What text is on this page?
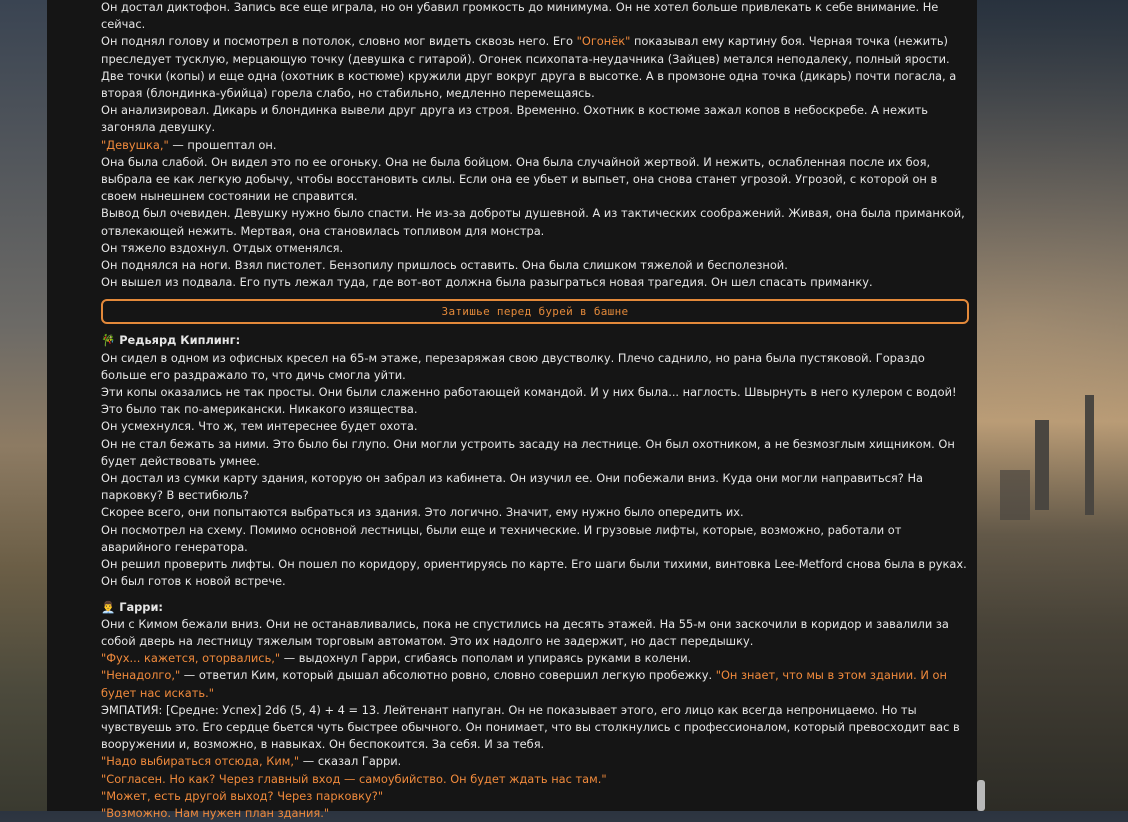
Он достал диктофон. Запись все еще играла, но он убавил громкость до минимума. Он не хотел больше привлекать к себе внимание. Не сейчас.

Он поднял голову и посмотрел в потолок, словно мог видеть сквозь него. Его "Огонёк" показывал ему картину боя. Черная точка (нежить) преследует тусклую, мерцающую точку (девушка с гитарой). Огонек психопата-неудачника (Зайцев) метался неподалеку, полный ярости. Две точки (копы) и еще одна (охотник в костюме) кружили друг вокруг друга в высотке. А в промзоне одна точка (дикарь) почти погасла, а вторая (блондинка-убийца) горела слабо, но стабильно, медленно перемещаясь.

Он анализировал. Дикарь и блондинка вывели друг друга из строя. Временно. Охотник в костюме зажал копов в небоскребе. А нежить загоняла девушку.

"Девушка," — прошептал он.

Она была слабой. Он видел это по ее огоньку. Она не была бойцом. Она была случайной жертвой. И нежить, ослабленная после их боя, выбрала ее как легкую добычу, чтобы восстановить силы. Если она ее убьет и выпьет, она снова станет угрозой. Угрозой, с которой он в своем нынешнем состоянии не справится.

Вывод был очевиден. Девушку нужно было спасти. Не из-за доброты душевной. А из тактических соображений. Живая, она была приманкой, отвлекающей нежить. Мертвая, она становилась топливом для монстра.

Он тяжело вздохнул. Отдых отменялся.

Он поднялся на ноги. Взял пистолет. Бензопилу пришлось оставить. Она была слишком тяжелой и бесполезной.

Он вышел из подвала. Его путь лежал туда, где вот-вот должна была разыграться новая трагедия. Он шел спасать приманку.

Затишье перед бурей в башне

🎋 Редьярд Киплинг:

Он сидел в одном из офисных кресел на 65-м этаже, перезаряжая свою двустволку. Плечо саднило, но рана была пустяковой. Гораздо больше его раздражало то, что дичь смогла уйти.

Эти копы оказались не так просты. Они были слаженно работающей командой. И у них была... наглость. Швырнуть в него кулером с водой! Это было так по-американски. Никакого изящества.

Он усмехнулся. Что ж, тем интереснее будет охота.

Он не стал бежать за ними. Это было бы глупо. Они могли устроить засаду на лестнице. Он был охотником, а не безмозглым хищником. Он будет действовать умнее.

Он достал из сумки карту здания, которую он забрал из кабинета. Он изучил ее. Они побежали вниз. Куда они могли направиться? На парковку? В вестибюль?

Скорее всего, они попытаются выбраться из здания. Это логично. Значит, ему нужно было опередить их.

Он посмотрел на схему. Помимо основной лестницы, были еще и технические. И грузовые лифты, которые, возможно, работали от аварийного генератора.

Он решил проверить лифты. Он пошел по коридору, ориентируясь по карте. Его шаги были тихими, винтовка Lee-Metford снова была в руках. Он был готов к новой встрече.

👨‍💼 Гарри:

Они с Кимом бежали вниз. Они не останавливались, пока не спустились на десять этажей. На 55-м они заскочили в коридор и завалили за собой дверь на лестницу тяжелым торговым автоматом. Это их надолго не задержит, но даст передышку.

"Фух... кажется, оторвались," — выдохнул Гарри, сгибаясь пополам и упираясь руками в колени.

"Ненадолго," — ответил Ким, который дышал абсолютно ровно, словно совершил легкую пробежку. "Он знает, что мы в этом здании. И он будет нас искать."

ЭМПАТИЯ: [Средне: Успех] 2d6 (5, 4) + 4 = 13. Лейтенант напуган. Он не показывает этого, его лицо как всегда непроницаемо. Но ты чувствуешь это. Его сердце бьется чуть быстрее обычного. Он понимает, что вы столкнулись с профессионалом, который превосходит вас в вооружении и, возможно, в навыках. Он беспокоится. За себя. И за тебя.

"Надо выбираться отсюда, Ким," — сказал Гарри.

"Согласен. Но как? Через главный вход — самоубийство. Он будет ждать нас там."

"Может, есть другой выход? Через парковку?"

"Возможно. Нам нужен план здания."
